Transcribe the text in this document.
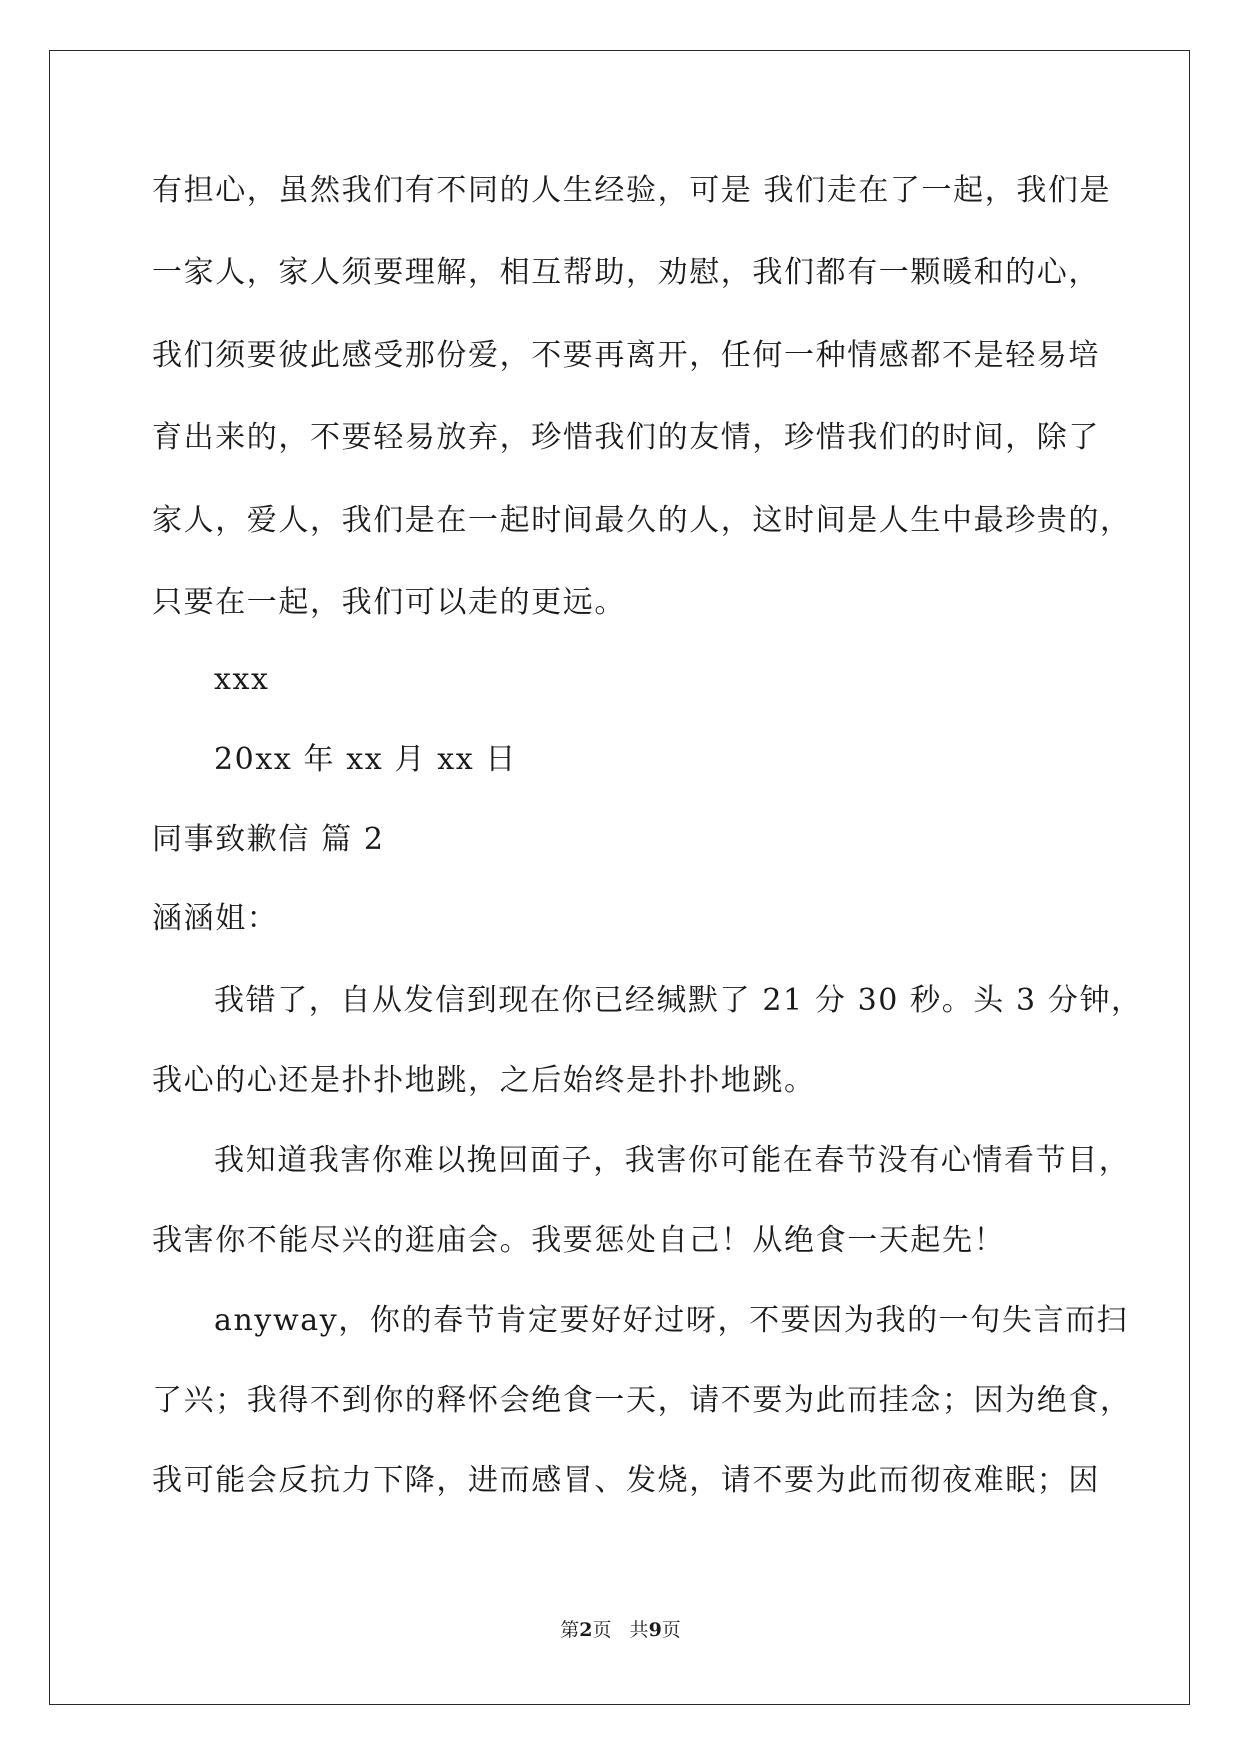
有担心，虽然我们有不同的人生经验，可是 我们走在了一起，我们是
一家人，家人须要理解，相互帮助，劝慰，我们都有一颗暖和的心，
我们须要彼此感受那份爱，不要再离开，任何一种情感都不是轻易培
育出来的，不要轻易放弃，珍惜我们的友情，珍惜我们的时间，除了
家人，爱人，我们是在一起时间最久的人，这时间是人生中最珍贵的，
只要在一起，我们可以走的更远。
xxx
20xx 年 xx 月 xx 日
同事致歉信 篇 2
涵涵姐：
我错了，自从发信到现在你已经缄默了 21 分 30 秒。头 3 分钟，
我心的心还是扑扑地跳，之后始终是扑扑地跳。
我知道我害你难以挽回面子，我害你可能在春节没有心情看节目，
我害你不能尽兴的逛庙会。我要惩处自己！从绝食一天起先！
anyway，你的春节肯定要好好过呀，不要因为我的一句失言而扫
了兴；我得不到你的释怀会绝食一天，请不要为此而挂念；因为绝食，
我可能会反抗力下降，进而感冒、发烧，请不要为此而彻夜难眠；因
第2页   共9页
